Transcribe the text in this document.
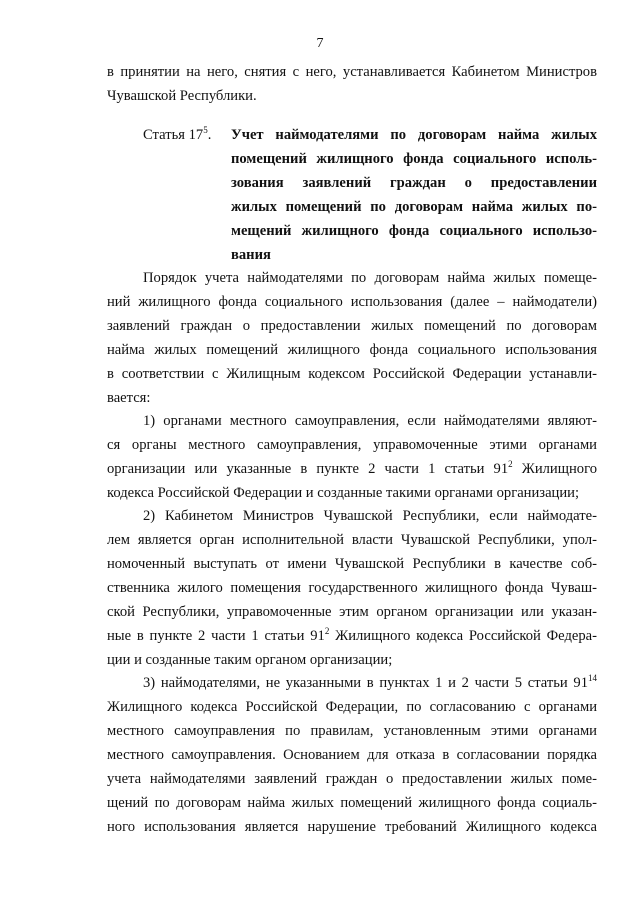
7
в принятии на него, снятия с него, устанавливается Кабинетом Министров
Чувашской Республики.
Статья $17^5$. Учет наймодателями по договорам найма жилых
помещений жилищного фонда социального исполь-
зования заявлений граждан о предоставлении
жилых помещений по договорам найма жилых по-
мещений жилищного фонда социального использо-
вания
Порядок учета наймодателями по договорам найма жилых помеще-
ний жилищного фонда социального использования (далее – наймодатели)
заявлений граждан о предоставлении жилых помещений по договорам
найма жилых помещений жилищного фонда социального использования
в соответствии с Жилищным кодексом Российской Федерации устанавли-
вается:
1) органами местного самоуправления, если наймодателями являют-
ся органы местного самоуправления, управомоченные этими органами
организации или указанные в пункте 2 части 1 статьи $91^2$ Жилищного
кодекса Российской Федерации и созданные такими органами организации;
2) Кабинетом Министров Чувашской Республики, если наймодате-
лем является орган исполнительной власти Чувашской Республики, упол-
номоченный выступать от имени Чувашской Республики в качестве соб-
ственника жилого помещения государственного жилищного фонда Чуваш-
ской Республики, управомоченные этим органом организации или указан-
ные в пункте 2 части 1 статьи $91^2$ Жилищного кодекса Российской Федера-
ции и созданные таким органом организации;
3) наймодателями, не указанными в пунктах 1 и 2 части 5 статьи $91^{14}$
Жилищного кодекса Российской Федерации, по согласованию с органами
местного самоуправления по правилам, установленным этими органами
местного самоуправления. Основанием для отказа в согласовании порядка
учета наймодателями заявлений граждан о предоставлении жилых поме-
щений по договорам найма жилых помещений жилищного фонда социаль-
ного использования является нарушение требований Жилищного кодекса
